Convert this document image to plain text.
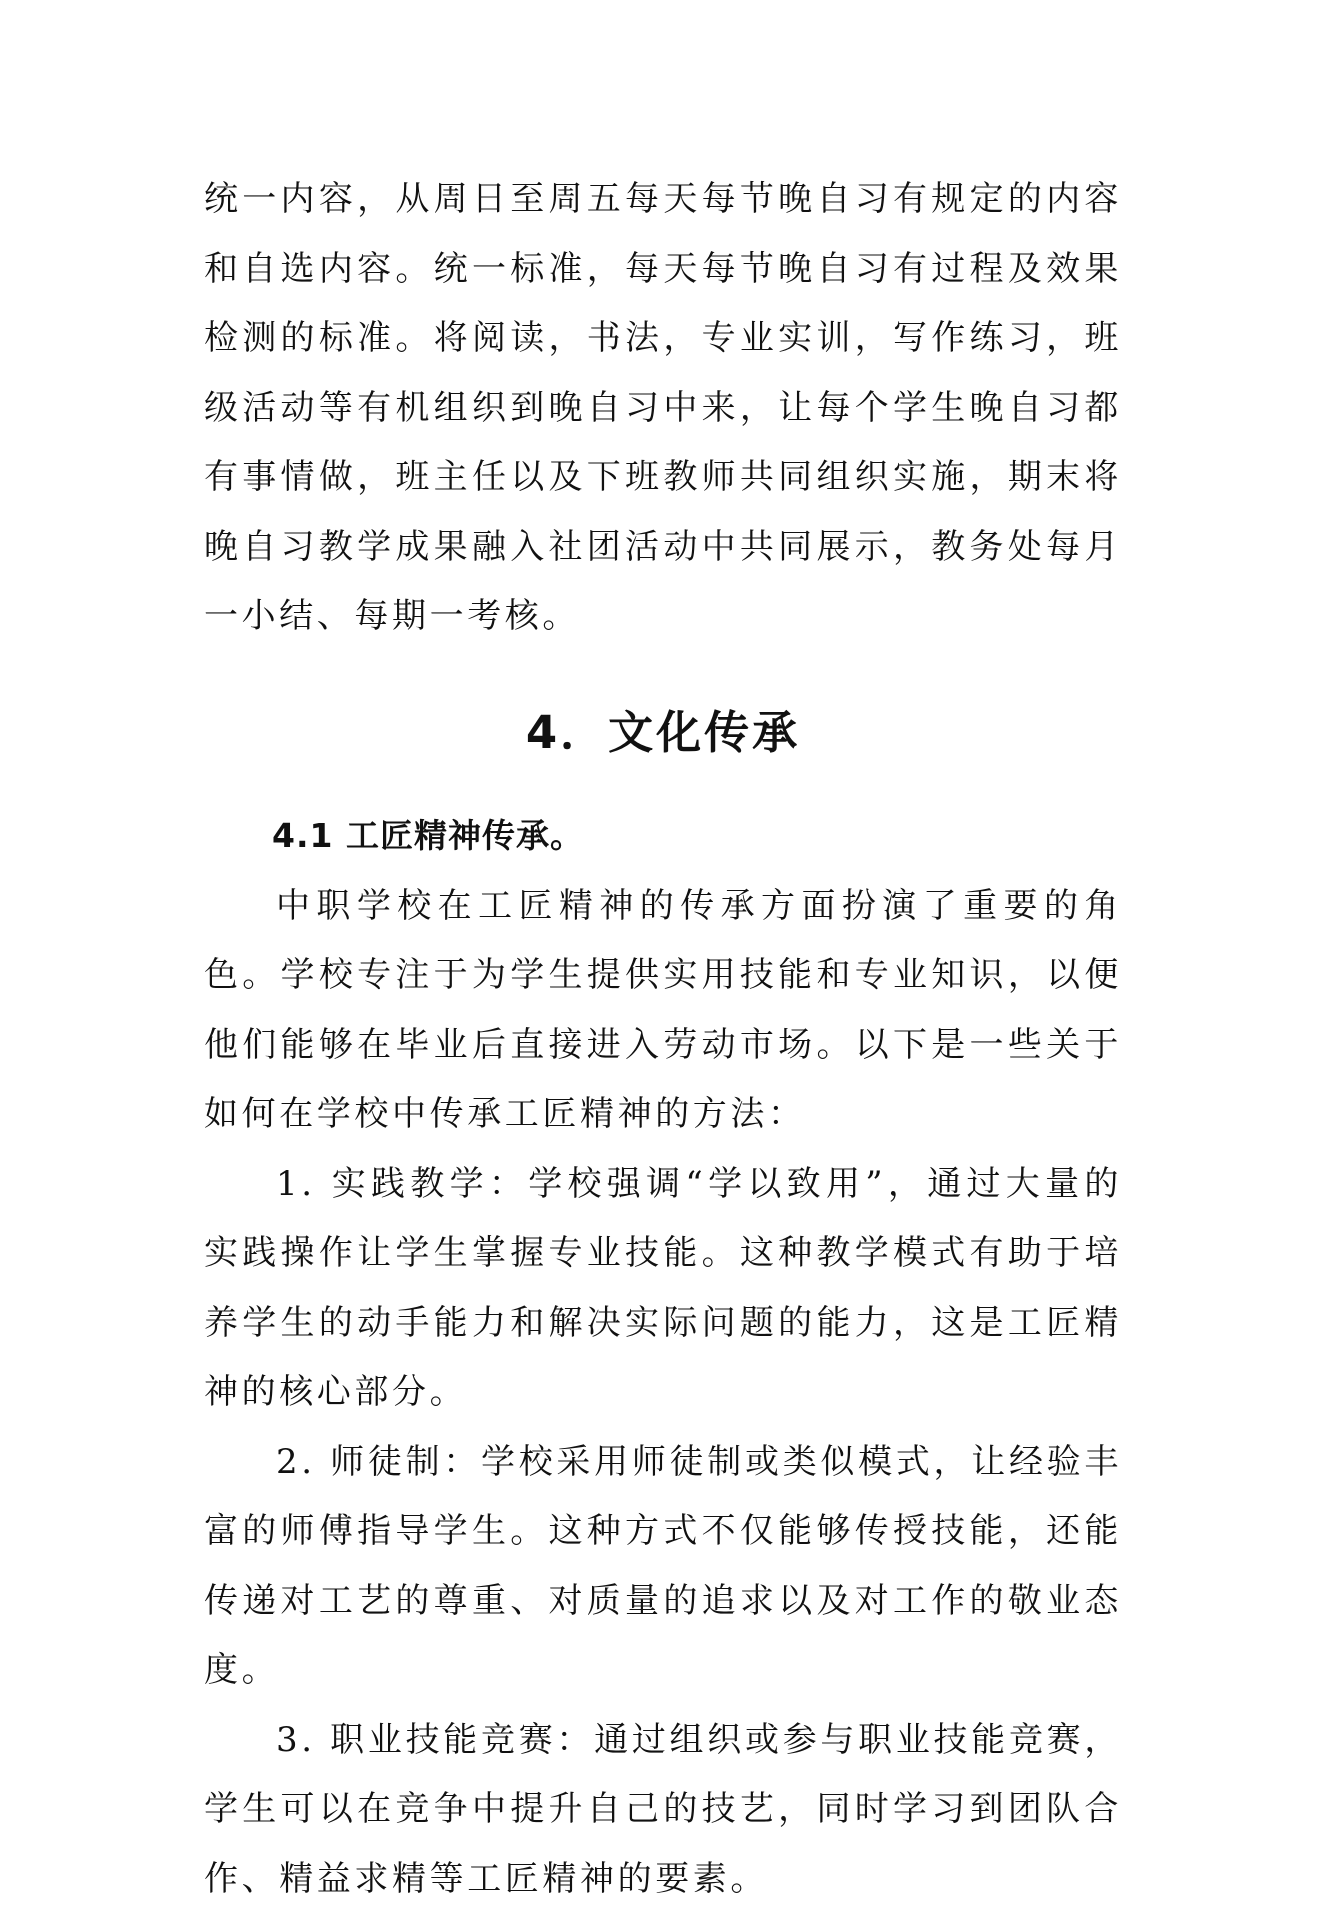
统一内容，从周日至周五每天每节晚自习有规定的内容和自选内容。统一标准，每天每节晚自习有过程及效果检测的标准。将阅读，书法，专业实训，写作练习，班级活动等有机组织到晚自习中来，让每个学生晚自习都有事情做，班主任以及下班教师共同组织实施，期末将晚自习教学成果融入社团活动中共同展示，教务处每月一小结、每期一考核。

4．文化传承
4.1 工匠精神传承。

中职学校在工匠精神的传承方面扮演了重要的角色。学校专注于为学生提供实用技能和专业知识，以便他们能够在毕业后直接进入劳动市场。以下是一些关于如何在学校中传承工匠精神的方法：

1. 实践教学：学校强调“学以致用”，通过大量的实践操作让学生掌握专业技能。这种教学模式有助于培养学生的动手能力和解决实际问题的能力，这是工匠精神的核心部分。

2. 师徒制：学校采用师徒制或类似模式，让经验丰富的师傅指导学生。这种方式不仅能够传授技能，还能传递对工艺的尊重、对质量的追求以及对工作的敬业态度。

3. 职业技能竞赛：通过组织或参与职业技能竞赛，学生可以在竞争中提升自己的技艺，同时学习到团队合作、精益求精等工匠精神的要素。
